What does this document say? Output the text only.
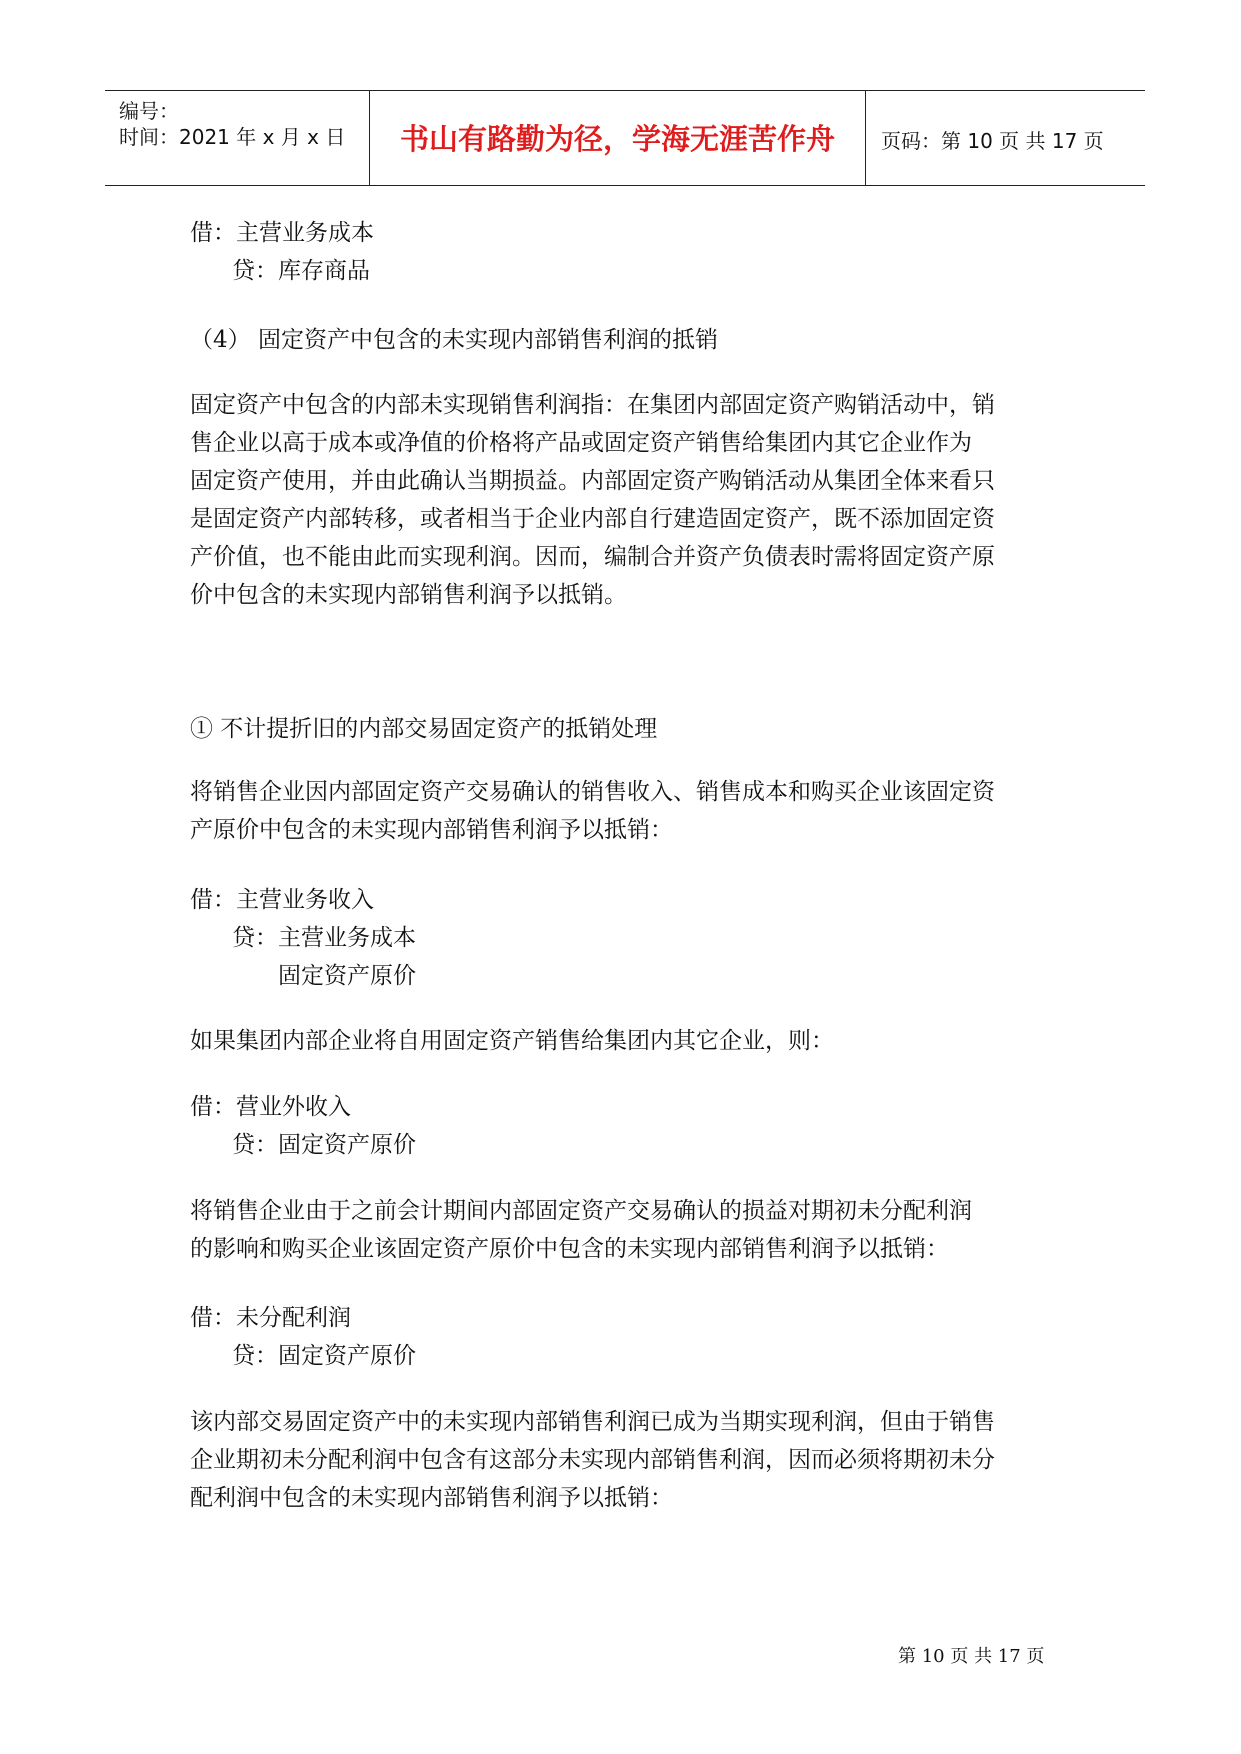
编号：
时间：2021 年 x 月 x 日	书山有路勤为径，学海无涯苦作舟	页码：第 10 页 共 17 页
借：主营业务成本
贷：库存商品
（4） 固定资产中包含的未实现内部销售利润的抵销
固定资产中包含的内部未实现销售利润指：在集团内部固定资产购销活动中，销
售企业以高于成本或净值的价格将产品或固定资产销售给集团内其它企业作为
固定资产使用，并由此确认当期损益。内部固定资产购销活动从集团全体来看只
是固定资产内部转移，或者相当于企业内部自行建造固定资产，既不添加固定资
产价值，也不能由此而实现利润。因而，编制合并资产负债表时需将固定资产原
价中包含的未实现内部销售利润予以抵销。
① 不计提折旧的内部交易固定资产的抵销处理
将销售企业因内部固定资产交易确认的销售收入、销售成本和购买企业该固定资
产原价中包含的未实现内部销售利润予以抵销：
借：主营业务收入
贷：主营业务成本
固定资产原价
如果集团内部企业将自用固定资产销售给集团内其它企业，则：
借：营业外收入
贷：固定资产原价
将销售企业由于之前会计期间内部固定资产交易确认的损益对期初未分配利润
的影响和购买企业该固定资产原价中包含的未实现内部销售利润予以抵销：
借：未分配利润
贷：固定资产原价
该内部交易固定资产中的未实现内部销售利润已成为当期实现利润，但由于销售
企业期初未分配利润中包含有这部分未实现内部销售利润，因而必须将期初未分
配利润中包含的未实现内部销售利润予以抵销：
第 10 页 共 17 页
